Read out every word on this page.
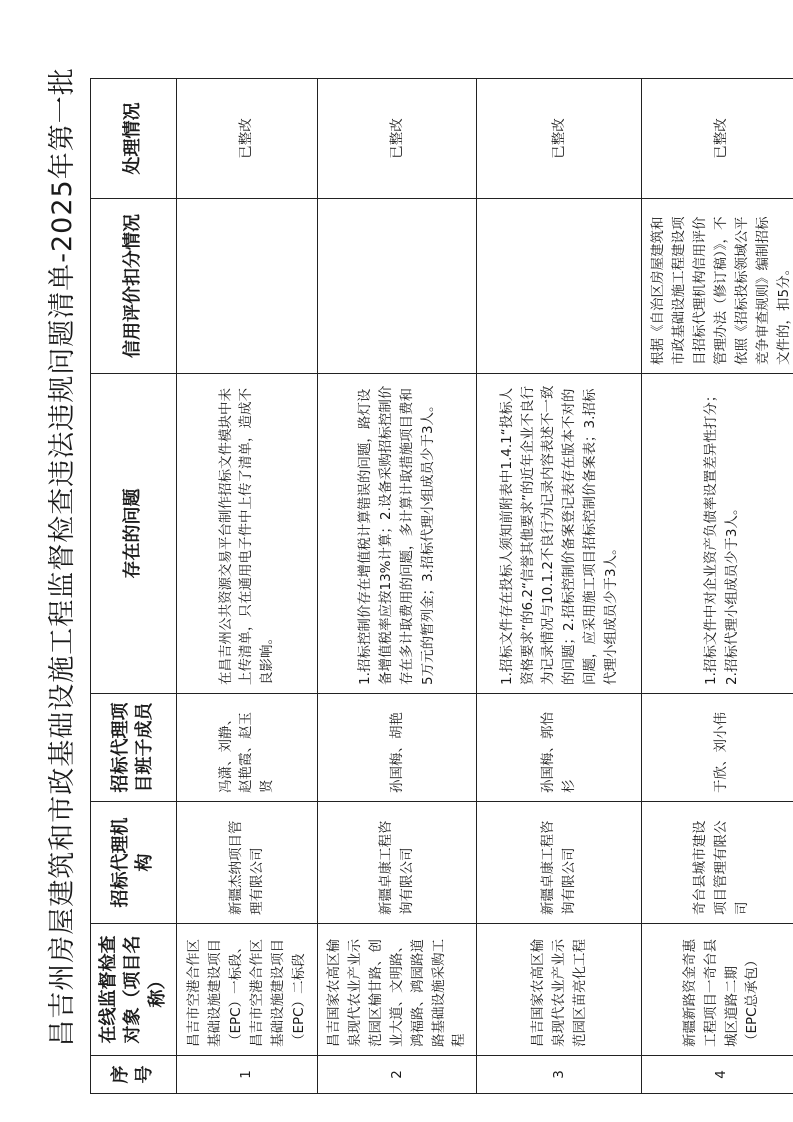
昌吉州房屋建筑和市政基础设施工程监督检查违法违规问题清单-2025年第一批
序号	在线监督检查对象（项目名称）	招标代理机构	招标代理项目班子成员	存在的问题	信用评价扣分情况	处理情况
1	昌吉市空港合作区基础设施建设项目（EPC）一标段、昌吉市空港合作区基础设施建设项目（EPC）二标段	新疆杰纳项目管理有限公司	冯潇、刘静、赵艳霞、赵玉贤	在昌吉州公共资源交易平台制作招标文件模块中未上传清单，只在通用电子件中上传了清单，造成不良影响。		已整改
2	昌吉国家农高区榆泉现代农业产业示范园区榆甘路、创业大道、文明路、鸿福路、鸿园路道路基础设施采购工程	新疆卓康工程咨询有限公司	孙国梅、胡艳	1.招标控制价存在增值税计算错误的问题，路灯设备增值税率应按13%计算；2.设备采购招标控制价存在多计取费用的问题，多计算计取措施项目费和5万元的暂列金；3.招标代理小组成员少于3人。		已整改
3	昌吉国家农高区榆泉现代农业产业示范园区苗亮化工程	新疆卓康工程咨询有限公司	孙国梅、郭怡杉	1.招标文件存在投标人须知前附表中1.4.1“投标人资格要求”的6.2“信誉其他要求”的近年企业不良行为记录情况与10.1.2不良行为记录内容表述不一致的问题；2.招标控制价备案登记表存在版本不对的问题，应采用施工项目招标控制价备案表；3.招标代理小组成员少于3人。		已整改
4	新疆新路资金奇惠工程项目一奇台县城区道路二期（EPC总承包）	奇台县城市建设项目管理有限公司	于欣、刘小伟	1.招标文件中对企业资产负债率设置差异性打分；2.招标代理小组成员少于3人。	根据《自治区房屋建筑和市政基础设施工程建设项目招标代理机构信用评价管理办法（修订稿）》，不依照《招标投标领域公平竞争审查规则》编制招标文件的，扣5分。	已整改
